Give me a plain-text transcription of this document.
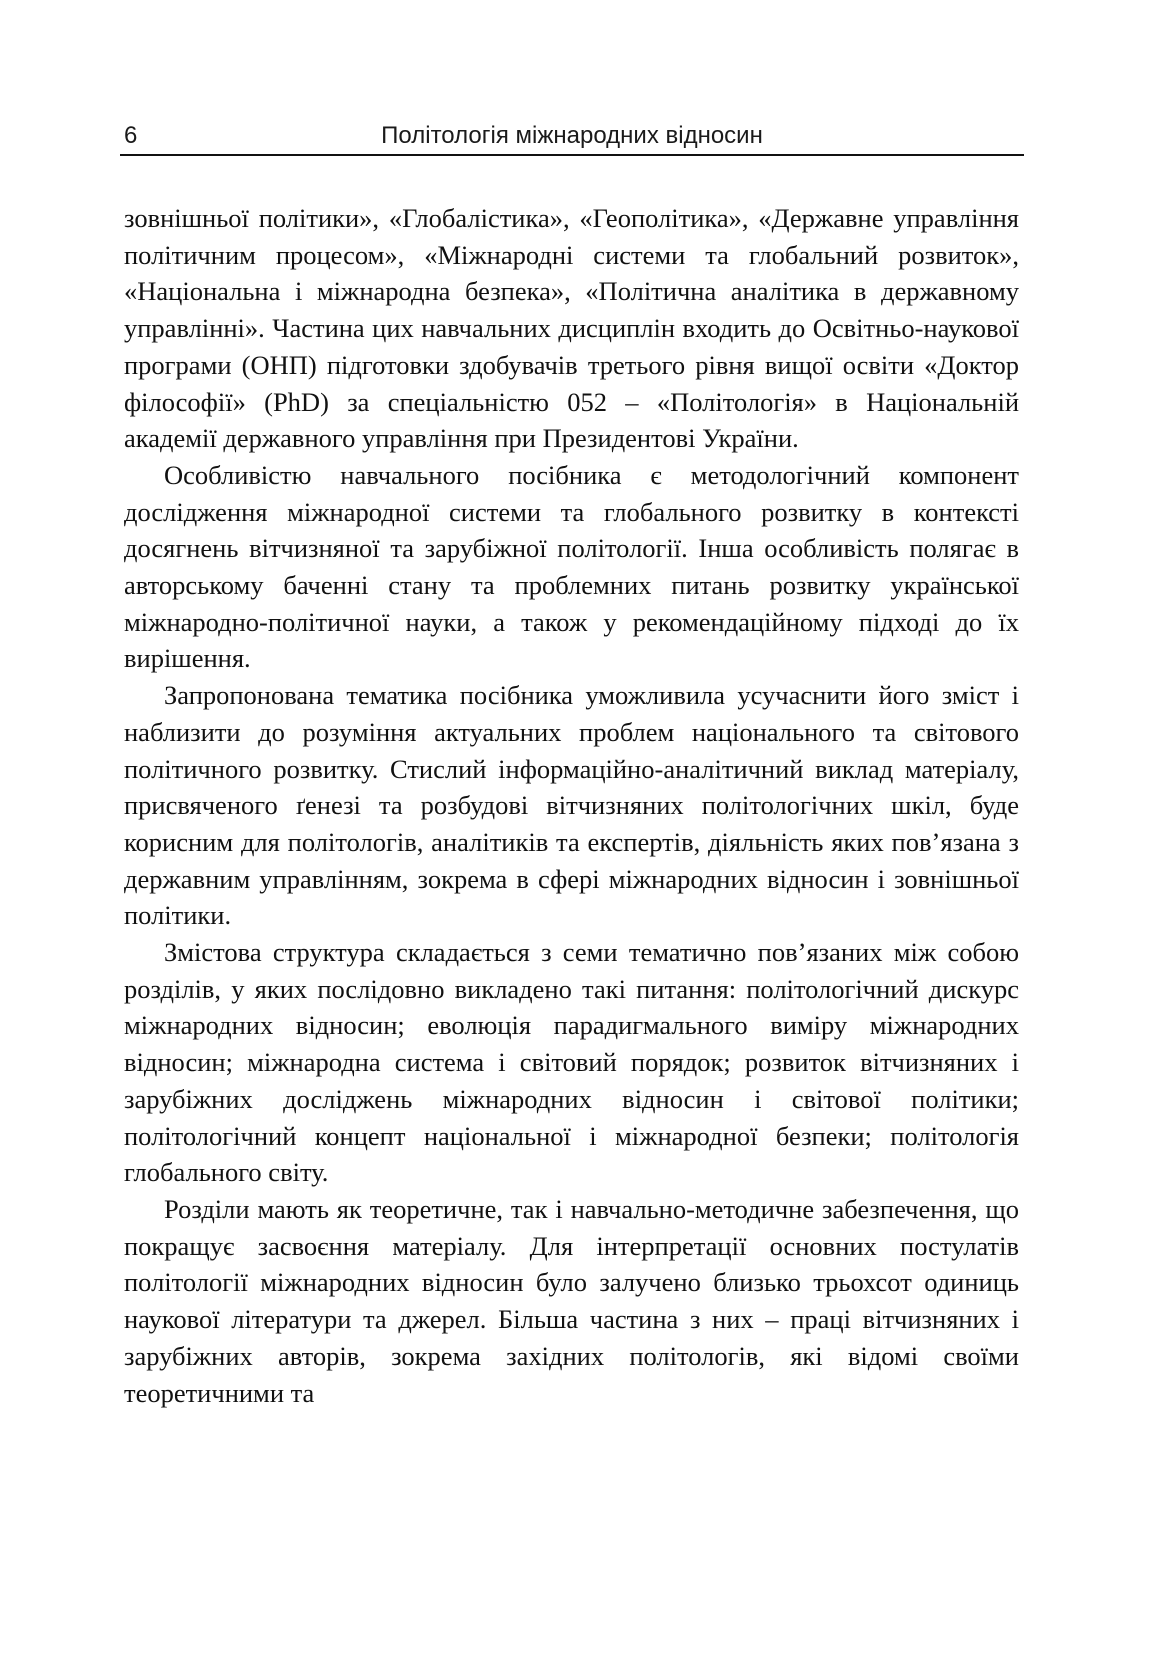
6	Політологія міжнародних відносин

зовнішньої політики», «Глобалістика», «Геополітика», «Державне управління політичним процесом», «Міжнародні системи та глобальний розвиток», «Національна і міжнародна безпека», «Політична аналітика в державному управлінні». Частина цих навчальних дисциплін входить до Освітньо-наукової програми (ОНП) підготовки здобувачів третього рівня вищої освіти «Доктор філософії» (PhD) за спеціальністю 052 – «Політологія» в Національній академії державного управління при Президентові України.

Особливістю навчального посібника є методологічний компонент дослідження міжнародної системи та глобального розвитку в контексті досягнень вітчизняної та зарубіжної політології. Інша особливість полягає в авторському баченні стану та проблемних питань розвитку української міжнародно-політичної науки, а також у рекомендаційному підході до їх вирішення.

Запропонована тематика посібника уможливила усучаснити його зміст і наблизити до розуміння актуальних проблем національного та світового політичного розвитку. Стислий інформаційно-аналітичний виклад матеріалу, присвяченого ґенезі та розбудові вітчизняних політологічних шкіл, буде корисним для політологів, аналітиків та експертів, діяльність яких пов’язана з державним управлінням, зокрема в сфері міжнародних відносин і зовнішньої політики.

Змістова структура складається з семи тематично пов’язаних між собою розділів, у яких послідовно викладено такі питання: політологічний дискурс міжнародних відносин; еволюція парадигмального виміру міжнародних відносин; міжнародна система і світовий порядок; розвиток вітчизняних і зарубіжних досліджень міжнародних відносин і світової політики; політологічний концепт національної і міжнародної безпеки; політологія глобального світу.

Розділи мають як теоретичне, так і навчально-методичне забезпечення, що покращує засвоєння матеріалу. Для інтерпретації основних постулатів політології міжнародних відносин було залучено близько трьохсот одиниць наукової літератури та джерел. Більша частина з них – праці вітчизняних і зарубіжних авторів, зокрема західних політологів, які відомі своїми теоретичними та
